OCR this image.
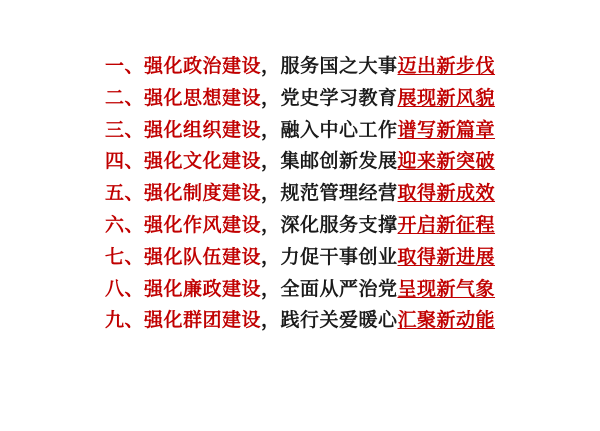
一、 强化政治建设 ，服务国之大事 迈出新步伐
二、 强化思想建设 ，党史学习教育 展现新风貌
三、 强化组织建设 ，融入中心工作 谱写新篇章
四、 强化文化建设 ，集邮创新发展 迎来新突破
五、 强化制度建设 ，规范管理经营 取得新成效
六、 强化作风建设 ，深化服务支撑 开启新征程
七、 强化队伍建设 ，力促干事创业 取得新进展
八、 强化廉政建设 ，全面从严治党 呈现新气象
九、 强化群团建设 ，践行关爱暖心 汇聚新动能
